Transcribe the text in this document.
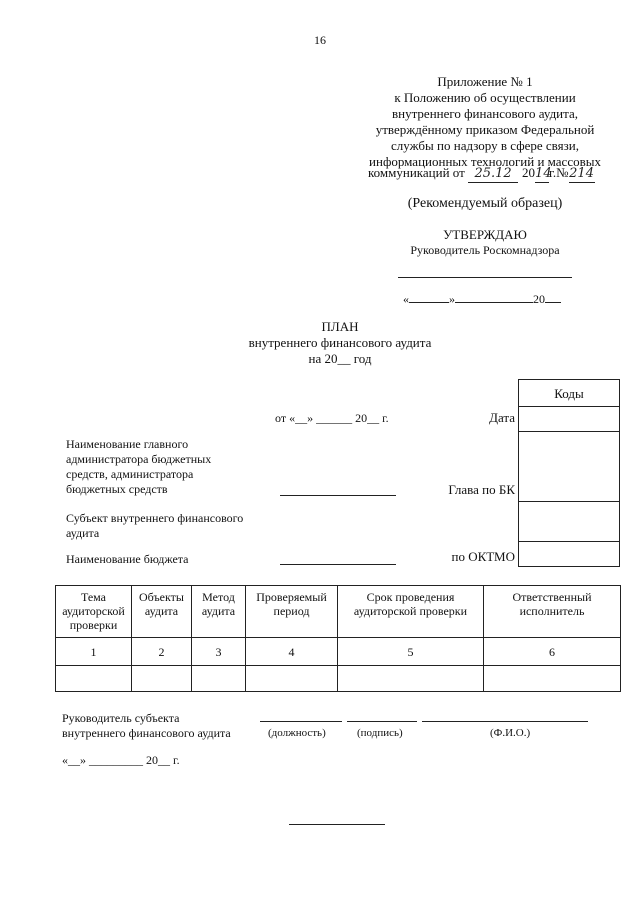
16
Приложение № 1
к Положению об осуществлении
внутреннего финансового аудита,
утверждённому приказом Федеральной
службы по надзору в сфере связи,
информационных технологий и массовых
коммуникаций от 25.12 2014г.№214
(Рекомендуемый образец)
УТВЕРЖДАЮ
Руководитель Роскомнадзора
«	»	20
ПЛАН
внутреннего финансового аудита
на 20__ год
Коды
от «__» ______ 20__ г.	Дата
Наименование главного администратора бюджетных средств, администратора бюджетных средств	Глава по БК
Субъект внутреннего финансового аудита
Наименование бюджета	по ОКТМО
Тема аудиторской проверки	Объекты аудита	Метод аудита	Проверяемый период	Срок проведения аудиторской проверки	Ответственный исполнитель
1	2	3	4	5	6

Руководитель субъекта
внутреннего финансового аудита	(должность)	(подпись)	(Ф.И.О.)
«__» _________ 20__ г.
